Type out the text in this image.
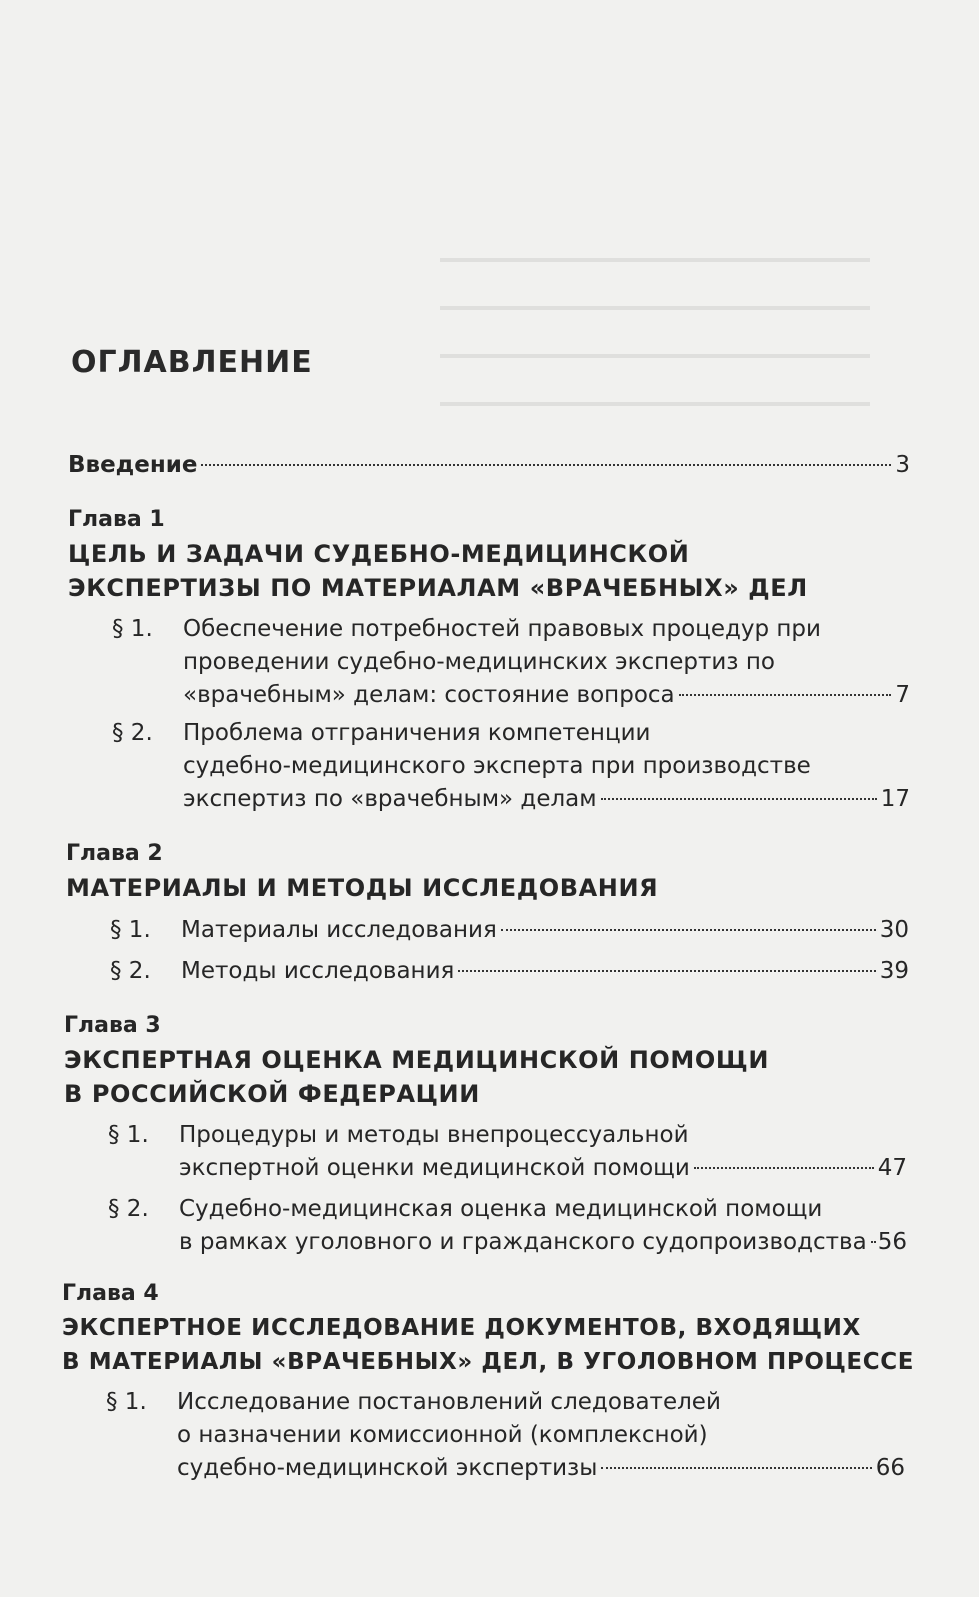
ОГЛАВЛЕНИЕ
Введение	3
Глава 1
ЦЕЛЬ И ЗАДАЧИ СУДЕБНО-МЕДИЦИНСКОЙ
ЭКСПЕРТИЗЫ ПО МАТЕРИАЛАМ «ВРАЧЕБНЫХ» ДЕЛ
§ 1. Обеспечение потребностей правовых процедур при
проведении судебно-медицинских экспертиз по
«врачебным» делам: состояние вопроса	7
§ 2. Проблема отграничения компетенции
судебно-медицинского эксперта при производстве
экспертиз по «врачебным» делам	17
Глава 2
МАТЕРИАЛЫ И МЕТОДЫ ИССЛЕДОВАНИЯ
§ 1. Материалы исследования	30
§ 2. Методы исследования	39
Глава 3
ЭКСПЕРТНАЯ ОЦЕНКА МЕДИЦИНСКОЙ ПОМОЩИ
В РОССИЙСКОЙ ФЕДЕРАЦИИ
§ 1. Процедуры и методы внепроцессуальной
экспертной оценки медицинской помощи	47
§ 2. Судебно-медицинская оценка медицинской помощи
в рамках уголовного и гражданского судопроизводства 56
Глава 4
ЭКСПЕРТНОЕ ИССЛЕДОВАНИЕ ДОКУМЕНТОВ, ВХОДЯЩИХ
В МАТЕРИАЛЫ «ВРАЧЕБНЫХ» ДЕЛ, В УГОЛОВНОМ ПРОЦЕССЕ
§ 1. Исследование постановлений следователей
о назначении комиссионной (комплексной)
судебно-медицинской экспертизы	66
